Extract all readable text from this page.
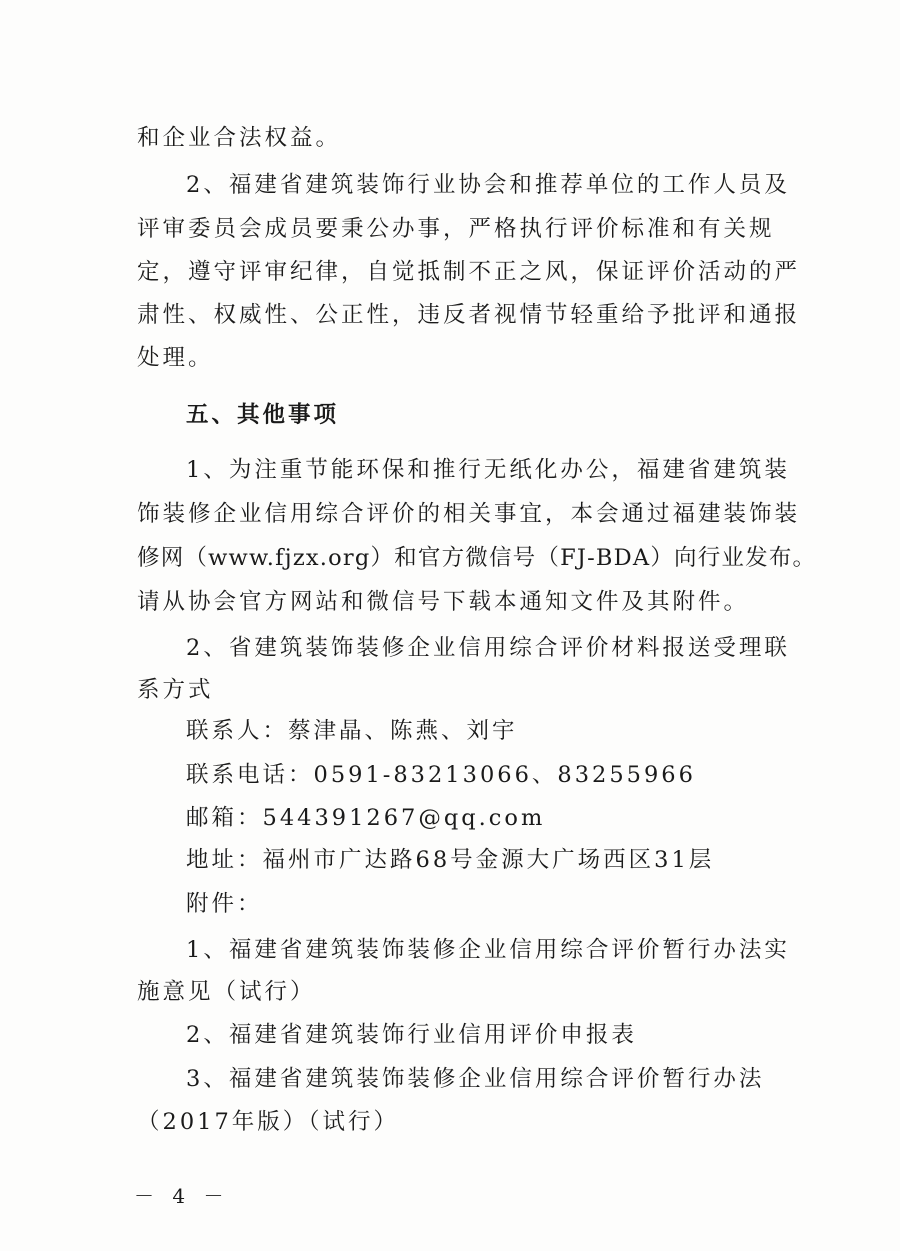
和企业合法权益。
2、福建省建筑装饰行业协会和推荐单位的工作人员及
评审委员会成员要秉公办事，严格执行评价标准和有关规
定，遵守评审纪律，自觉抵制不正之风，保证评价活动的严
肃性、权威性、公正性，违反者视情节轻重给予批评和通报
处理。
五、其他事项
1、为注重节能环保和推行无纸化办公，福建省建筑装
饰装修企业信用综合评价的相关事宜，本会通过福建装饰装
修网（www.fjzx.org）和官方微信号（FJ-BDA）向行业发布。
请从协会官方网站和微信号下载本通知文件及其附件。
2、省建筑装饰装修企业信用综合评价材料报送受理联
系方式
联系人：蔡津晶、陈燕、刘宇
联系电话：0591-83213066、83255966
邮箱：544391267@qq.com
地址：福州市广达路68号金源大广场西区31层
附件：
1、福建省建筑装饰装修企业信用综合评价暂行办法实
施意见（试行）
2、福建省建筑装饰行业信用评价申报表
3、福建省建筑装饰装修企业信用综合评价暂行办法
（2017年版）（试行）
－ 4 －
